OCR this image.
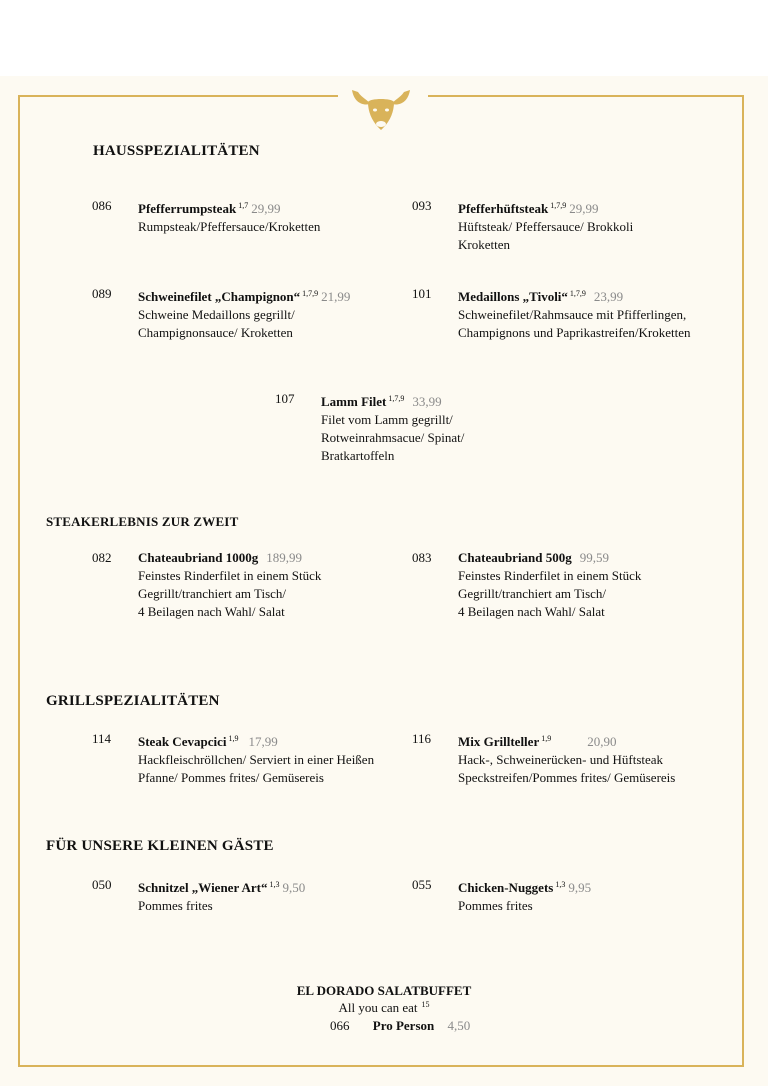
HAUSSPEZIALITÄTEN
STEAKERLEBNIS ZUR ZWEIT
GRILLSPEZIALITÄTEN
FÜR UNSERE KLEINEN GÄSTE
086 Pfefferrumpsteak $^{1,7}$ 29,99
Rumpsteak/Pfeffersauce/Kroketten
093 Pfefferhüftsteak $^{1,7,9}$ 29,99
Hüftsteak/ Pfeffersauce/ Brokkoli
Kroketten
089 Schweinefilet „Champignon“ $^{1,7,9}$ 21,99
Schweine Medaillons gegrillt/
Champignonsauce/ Kroketten
101 Medaillons „Tivoli“ $^{1,7,9}$ 23,99
Schweinefilet/Rahmsauce mit Pfifferlingen,
Champignons und Paprikastreifen/Kroketten
107 Lamm Filet $^{1,7,9}$ 33,99
Filet vom Lamm gegrillt/
Rotweinrahmsacue/ Spinat/
Bratkartoffeln
082 Chateaubriand 1000g 189,99
Feinstes Rinderfilet in einem Stück
Gegrillt/tranchiert am Tisch/
4 Beilagen nach Wahl/ Salat
083 Chateaubriand 500g 99,59
Feinstes Rinderfilet in einem Stück
Gegrillt/tranchiert am Tisch/
4 Beilagen nach Wahl/ Salat
114 Steak Cevapcici $^{1,9}$ 17,99
Hackfleischröllchen/ Serviert in einer Heißen
Pfanne/ Pommes frites/ Gemüsereis
116 Mix Grillteller $^{1,9}$	20,90
Hack-, Schweinerücken- und Hüftsteak
Speckstreifen/Pommes frites/ Gemüsereis
050 Schnitzel „Wiener Art“ $^{1,3}$ 9,50
Pommes frites
055 Chicken-Nuggets $^{1,3}$ 9,95
Pommes frites
EL DORADO SALATBUFFET
All you can eat $^{15}$
066 Pro Person 4,50
